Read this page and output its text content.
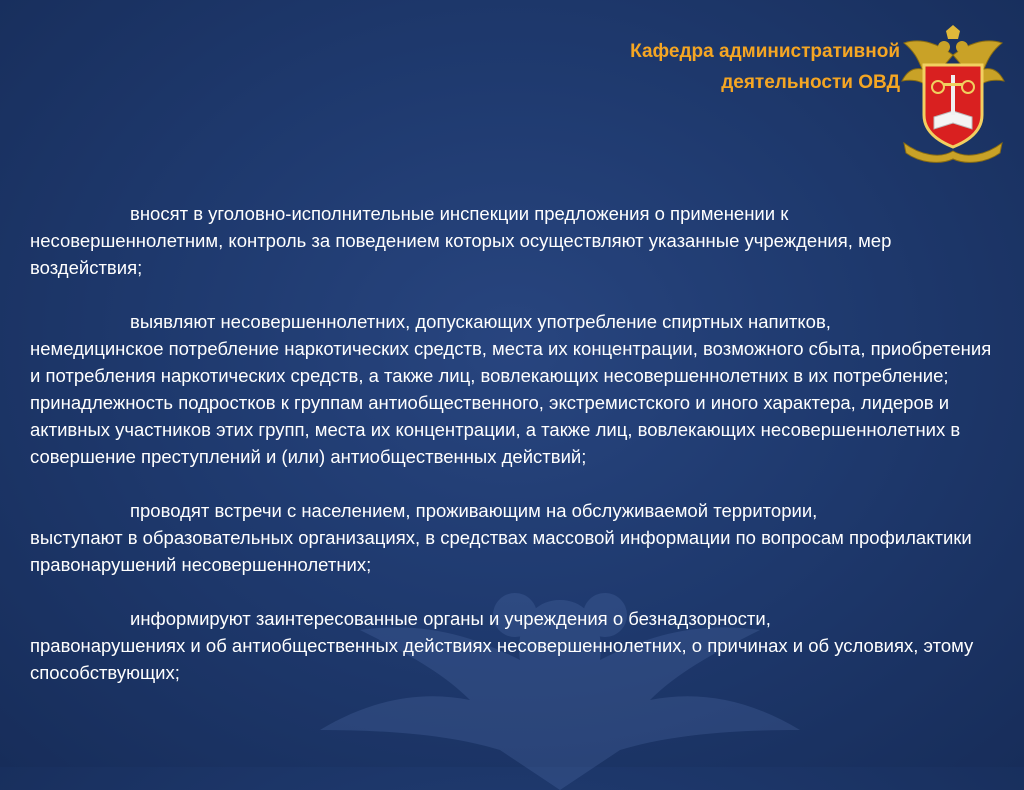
Кафедра административной
деятельности ОВД
вносят в уголовно-исполнительные инспекции предложения о применении к
несовершеннолетним, контроль за поведением которых осуществляют указанные учреждения, мер воздействия;
выявляют несовершеннолетних, допускающих употребление спиртных напитков,
немедицинское потребление наркотических средств, места их концентрации, возможного сбыта, приобретения и потребления наркотических средств, а также лиц, вовлекающих несовершеннолетних в их потребление; принадлежность подростков к группам антиобщественного, экстремистского и иного характера, лидеров и активных участников этих групп, места их концентрации, а также лиц, вовлекающих несовершеннолетних в совершение преступлений и (или) антиобщественных действий;
проводят встречи с населением, проживающим на обслуживаемой территории,
выступают в образовательных организациях, в средствах массовой информации по вопросам профилактики правонарушений несовершеннолетних;
информируют заинтересованные органы и учреждения о безнадзорности,
правонарушениях и об антиобщественных действиях несовершеннолетних, о причинах и об условиях, этому способствующих;
